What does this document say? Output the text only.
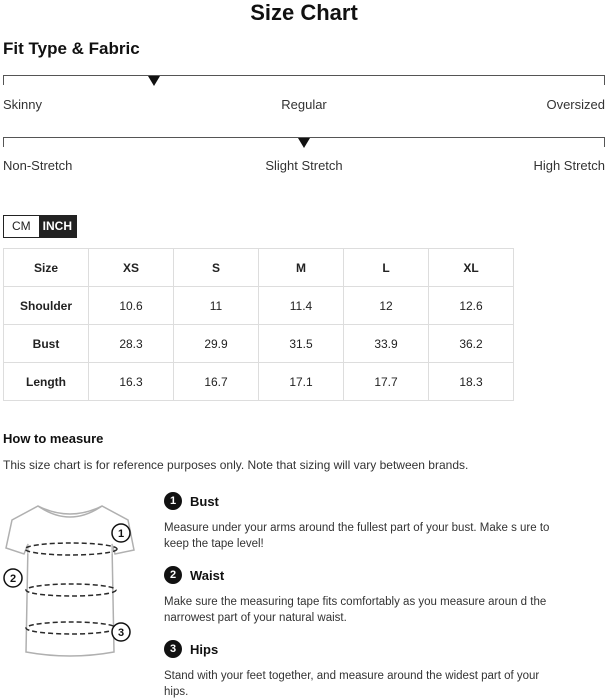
Size Chart
Fit Type & Fabric
Skinny	Regular	Oversized
Non-Stretch	Slight Stretch	High Stretch
CM	INCH
Size	XS	S	M	L	XL
Shoulder	10.6	11	11.4	12	12.6
Bust	28.3	29.9	31.5	33.9	36.2
Length	16.3	16.7	17.1	17.7	18.3
How to measure
This size chart is for reference purposes only. Note that sizing will vary between brands.
1
2
3
1	Bust
Measure under your arms around the fullest part of your bust. Make s ure to keep the tape level!
2	Waist
Make sure the measuring tape fits comfortably as you measure aroun d the narrowest part of your natural waist.
3	Hips
Stand with your feet together, and measure around the widest part of your hips.
